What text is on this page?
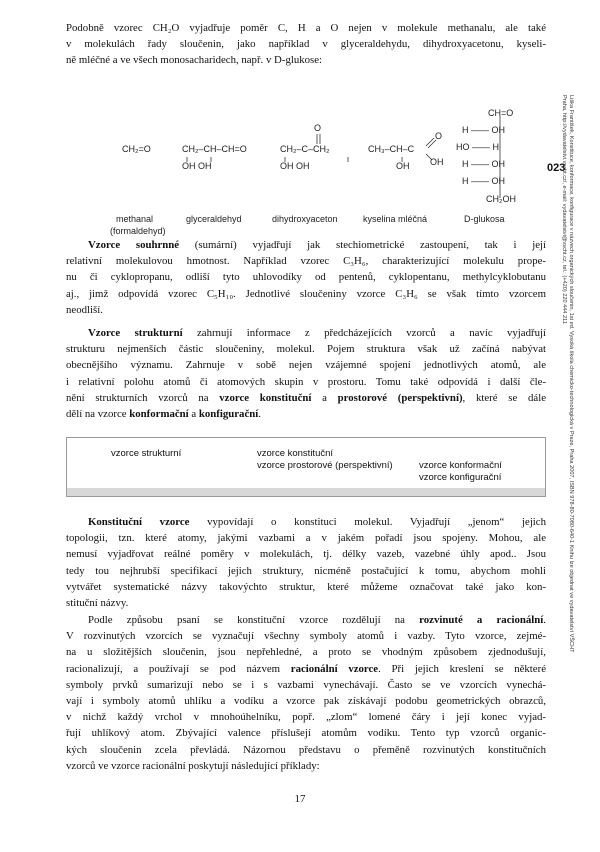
Podobně vzorec CH₂O vyjadřuje poměr C, H a O nejen v molekule methanalu, ale také
v molekulách řady sloučenin, jako například v glyceraldehydu, dihydroxyacetonu, kyseli-
ně mléčné a ve všech monosacharidech, např. v D-glukose:

CH₂=O	CH₂–CH–CH=O
OH OH
O
CH₂–C–CH₂
OH OH
CH₃–CH–C
O
OH
OH
CH=O
H —— OH
HO —— H
H —— OH
H —— OH
CH₂OH
methanal
(formaldehyd)
glyceraldehyd	dihydroxyaceton	kyselina mléčná	D-glukosa

Vzorce souhrnné (sumární) vyjadřují jak stechiometrické zastoupení, tak i její
relativní molekulovou hmotnost. Například vzorec C₃H₆, charakterizující molekulu prope-
nu či cyklopropanu, odliší tyto uhlovodíky od pentenů, cyklopentanu, methylcyklobutanu
aj., jimž odpovídá vzorec C₅H₁₀. Jednotlivé sloučeniny vzorce C₃H₆ se však tímto vzorcem
neodliší.

Vzorce strukturní zahrnují informace z předcházejících vzorců a navíc vyjadřují
strukturu nejmenších částic sloučeniny, molekul. Pojem struktura však už začíná nabývat
obecnějšího významu. Zahrnuje v sobě nejen vzájemné spojení jednotlivých atomů, ale
i relativní polohu atomů či atomových skupin v prostoru. Tomu také odpovídá i další čle-
nění strukturních vzorců na vzorce konstituční a prostorové (perspektivní), které se dále
dělí na vzorce konformační a konfigurační.

vzorce strukturní	vzorce konstituční
vzorce prostorové (perspektivní)	vzorce konformační
vzorce konfigurační

Konstituční vzorce vypovídají o konstituci molekul. Vyjadřují „jenom“ jejich
topologii, tzn. které atomy, jakými vazbami a v jakém pořadí jsou spojeny. Mohou, ale
nemusí vyjadřovat reálné poměry v molekulách, tj. délky vazeb, vazebné úhly apod.. Jsou
tedy tou nejhrubší specifikací jejich struktury, nicméně postačující k tomu, abychom mohli
vytvářet systematické názvy takovýchto struktur, které můžeme označovat také jako kon-
stituční názvy.

Podle způsobu psaní se konstituční vzorce rozdělují na rozvinuté a racionální.
V rozvinutých vzorcích se vyznačují všechny symboly atomů i vazby. Tyto vzorce, zejmé-
na u složitějších sloučenin, jsou nepřehledné, a proto se vhodným způsobem zjednodušují,
racionalizují, a používají se pod názvem racionální vzorce. Při jejich kreslení se některé
symboly prvků sumarizují nebo se i s vazbami vynechávají. Často se ve vzorcích vynechá-
vají i symboly atomů uhlíku a vodíku a vzorce pak získávají podobu geometrických obrazců,
v nichž každý vrchol v mnohoúhelníku, popř. „zlom“ lomené čáry i její konec vyjad-
řují uhlíkový atom. Zbývající valence příslušejí atomům vodíku. Tento typ vzorců organic-
kých sloučenin zcela převládá. Názornou představu o přeměně rozvinutých konstitučních
vzorců ve vzorce racionální poskytují následující příklady:

17
023 Liška František, Konstituce, konformace, konfigurace v názvech organických sloučenin, 1st ed. Vysoká škola chemicko-technologická v Praze, Praha 2007, ISBN 978-80-7080-640-1 Knihu lze objednat ve vydavatelství VŠCHT Praha, http://vydavatelstvi.vscht.cz/, e-mail: vydavatelstvi@vscht.cz, tel.: (+420) 220 444 211
